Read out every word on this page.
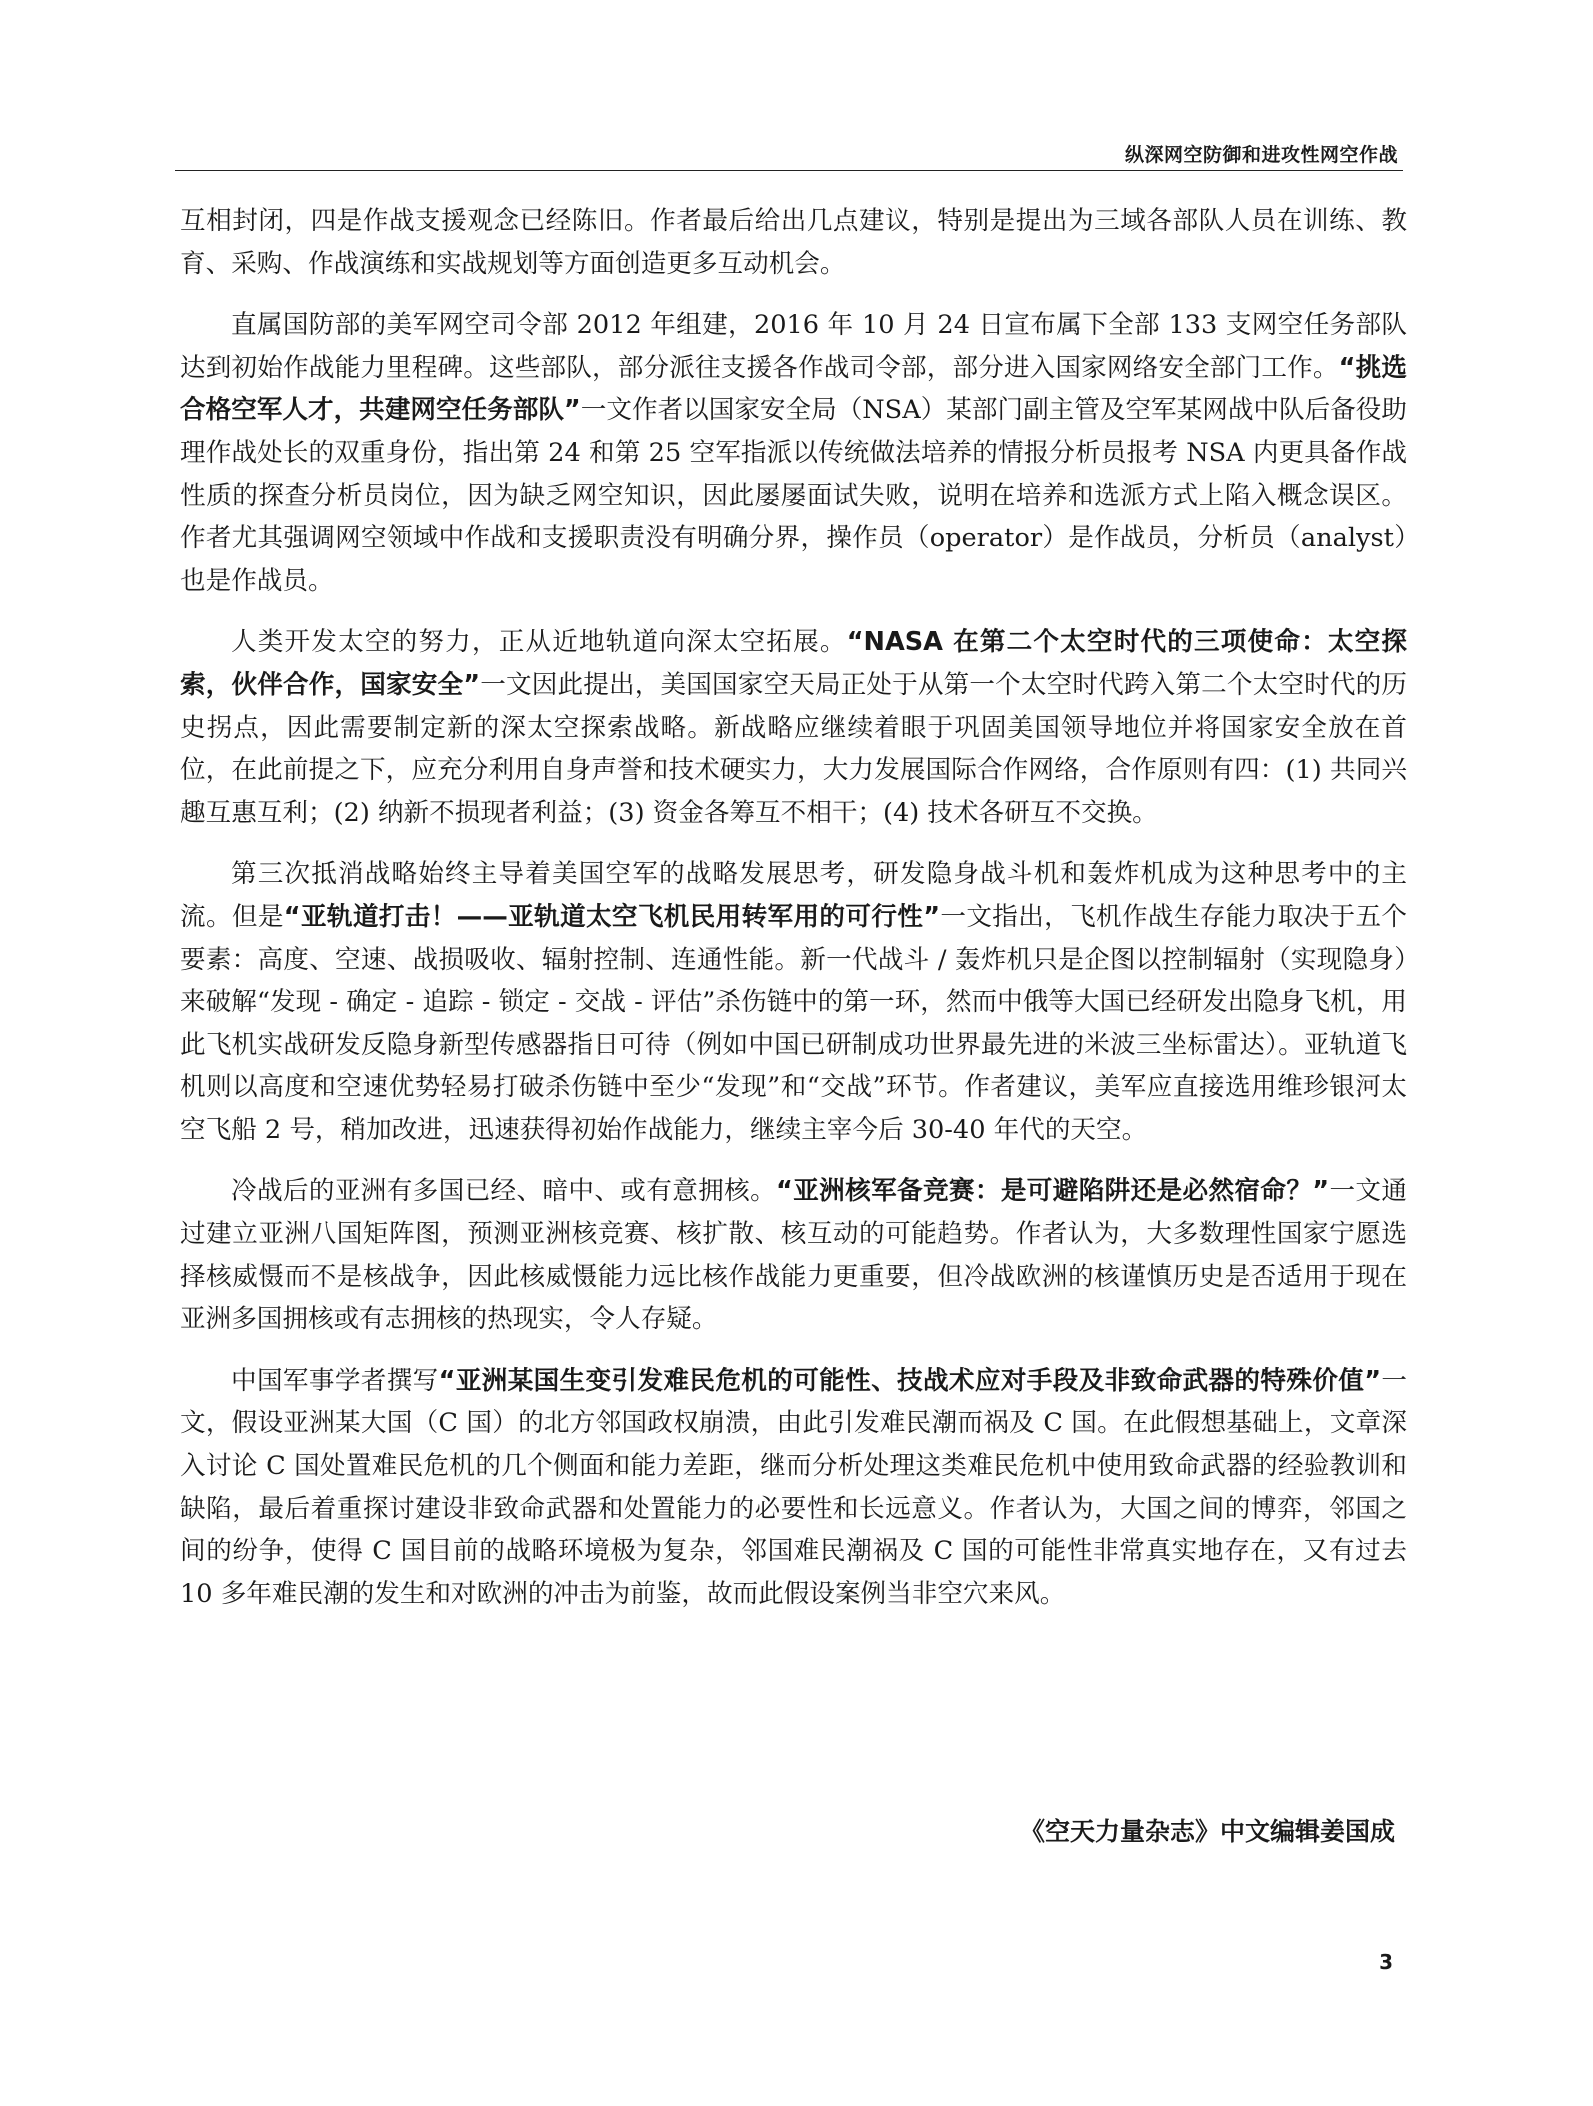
纵深网空防御和进攻性网空作战

互相封闭，四是作战支援观念已经陈旧。作者最后给出几点建议，特别是提出为三域各部队人员在训练、教育、采购、作战演练和实战规划等方面创造更多互动机会。

直属国防部的美军网空司令部 2012 年组建，2016 年 10 月 24 日宣布属下全部 133 支网空任务部队达到初始作战能力里程碑。这些部队，部分派往支援各作战司令部，部分进入国家网络安全部门工作。“挑选合格空军人才，共建网空任务部队”一文作者以国家安全局（NSA）某部门副主管及空军某网战中队后备役助理作战处长的双重身份，指出第 24 和第 25 空军指派以传统做法培养的情报分析员报考 NSA 内更具备作战性质的探查分析员岗位，因为缺乏网空知识，因此屡屡面试失败，说明在培养和选派方式上陷入概念误区。作者尤其强调网空领域中作战和支援职责没有明确分界，操作员（operator）是作战员，分析员（analyst）也是作战员。

人类开发太空的努力，正从近地轨道向深太空拓展。“NASA 在第二个太空时代的三项使命：太空探索，伙伴合作，国家安全”一文因此提出，美国国家空天局正处于从第一个太空时代跨入第二个太空时代的历史拐点，因此需要制定新的深太空探索战略。新战略应继续着眼于巩固美国领导地位并将国家安全放在首位，在此前提之下，应充分利用自身声誉和技术硬实力，大力发展国际合作网络，合作原则有四：(1) 共同兴趣互惠互利；(2) 纳新不损现者利益；(3) 资金各筹互不相干；(4) 技术各研互不交换。

第三次抵消战略始终主导着美国空军的战略发展思考，研发隐身战斗机和轰炸机成为这种思考中的主流。但是“亚轨道打击！——亚轨道太空飞机民用转军用的可行性”一文指出，飞机作战生存能力取决于五个要素：高度、空速、战损吸收、辐射控制、连通性能。新一代战斗 / 轰炸机只是企图以控制辐射（实现隐身）来破解“发现 - 确定 - 追踪 - 锁定 - 交战 - 评估”杀伤链中的第一环，然而中俄等大国已经研发出隐身飞机，用此飞机实战研发反隐身新型传感器指日可待（例如中国已研制成功世界最先进的米波三坐标雷达）。亚轨道飞机则以高度和空速优势轻易打破杀伤链中至少“发现”和“交战”环节。作者建议，美军应直接选用维珍银河太空飞船 2 号，稍加改进，迅速获得初始作战能力，继续主宰今后 30-40 年代的天空。

冷战后的亚洲有多国已经、暗中、或有意拥核。“亚洲核军备竞赛：是可避陷阱还是必然宿命？”一文通过建立亚洲八国矩阵图，预测亚洲核竞赛、核扩散、核互动的可能趋势。作者认为，大多数理性国家宁愿选择核威慑而不是核战争，因此核威慑能力远比核作战能力更重要，但冷战欧洲的核谨慎历史是否适用于现在亚洲多国拥核或有志拥核的热现实，令人存疑。

中国军事学者撰写“亚洲某国生变引发难民危机的可能性、技战术应对手段及非致命武器的特殊价值”一文，假设亚洲某大国（C 国）的北方邻国政权崩溃，由此引发难民潮而祸及 C 国。在此假想基础上，文章深入讨论 C 国处置难民危机的几个侧面和能力差距，继而分析处理这类难民危机中使用致命武器的经验教训和缺陷，最后着重探讨建设非致命武器和处置能力的必要性和长远意义。作者认为，大国之间的博弈，邻国之间的纷争，使得 C 国目前的战略环境极为复杂，邻国难民潮祸及 C 国的可能性非常真实地存在，又有过去 10 多年难民潮的发生和对欧洲的冲击为前鉴，故而此假设案例当非空穴来风。

《空天力量杂志》中文编辑姜国成
3
